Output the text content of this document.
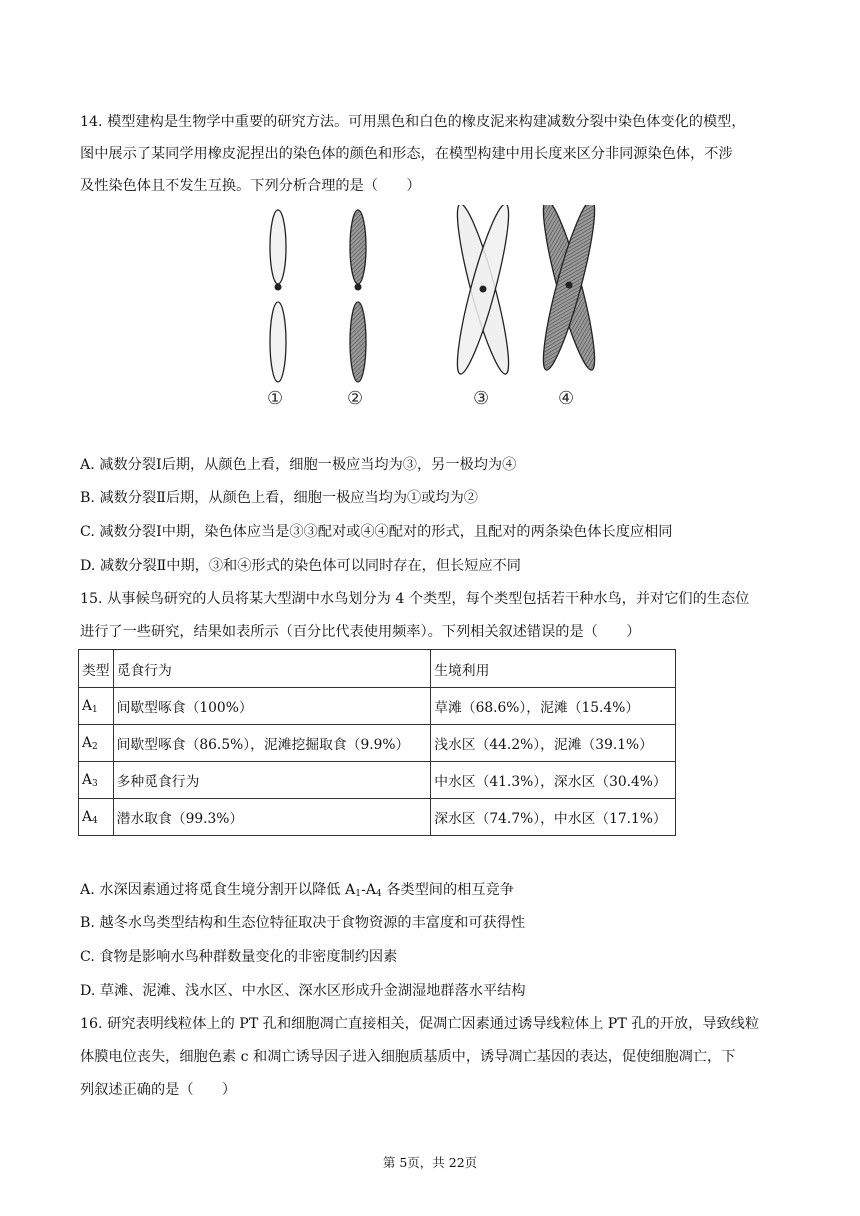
14. 模型建构是生物学中重要的研究方法。可用黑色和白色的橡皮泥来构建减数分裂中染色体变化的模型，
图中展示了某同学用橡皮泥捏出的染色体的颜色和形态，在模型构建中用长度来区分非同源染色体，不涉
及性染色体且不发生互换。下列分析合理的是（　　）
①	②	③	④
A. 减数分裂Ⅰ后期，从颜色上看，细胞一极应当均为③，另一极均为④
B. 减数分裂Ⅱ后期，从颜色上看，细胞一极应当均为①或均为②
C. 减数分裂Ⅰ中期，染色体应当是③③配对或④④配对的形式，且配对的两条染色体长度应相同
D. 减数分裂Ⅱ中期，③和④形式的染色体可以同时存在，但长短应不同
15. 从事候鸟研究的人员将某大型湖中水鸟划分为 4 个类型，每个类型包括若干种水鸟，并对它们的生态位
进行了一些研究，结果如表所示（百分比代表使用频率）。下列相关叙述错误的是（　　）
类型	觅食行为	生境利用
$A_1$	间歇型啄食（100%）	草滩（68.6%），泥滩（15.4%）
$A_2$	间歇型啄食（86.5%），泥滩挖掘取食（9.9%）	浅水区（44.2%），泥滩（39.1%）
$A_3$	多种觅食行为	中水区（41.3%），深水区（30.4%）
$A_4$	潜水取食（99.3%）	深水区（74.7%），中水区（17.1%）
A. 水深因素通过将觅食生境分割开以降低 $A_1-A_4$ 各类型间的相互竞争
B. 越冬水鸟类型结构和生态位特征取决于食物资源的丰富度和可获得性
C. 食物是影响水鸟种群数量变化的非密度制约因素
D. 草滩、泥滩、浅水区、中水区、深水区形成升金湖湿地群落水平结构
16. 研究表明线粒体上的 PT 孔和细胞凋亡直接相关，促凋亡因素通过诱导线粒体上 PT 孔的开放，导致线粒
体膜电位丧失，细胞色素 c 和凋亡诱导因子进入细胞质基质中，诱导凋亡基因的表达，促使细胞凋亡，下
列叙述正确的是（　　）
第 5页，共 22页
